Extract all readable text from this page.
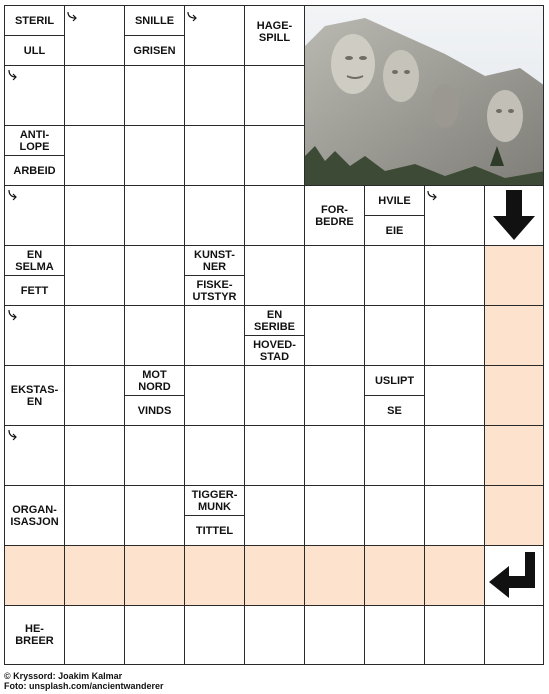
STERIL
ULL
SNILLE
GRISEN
HAGE-
SPILL
ANTI-
LOPE
ARBEID
FOR-
BEDRE
HVILE
EIE
EN
SELMA
FETT
KUNST-
NER
FISKE-
UTSTYR
EN
SERIBE
HOVED-
STAD
EKSTAS-
EN
MOT
NORD
VINDS
USLIPT
SE
ORGAN-
ISASJON
TIGGER-
MUNK
TITTEL
HE-
BREER
© Kryssord: Joakim Kalmar
Foto: unsplash.com/ancientwanderer
